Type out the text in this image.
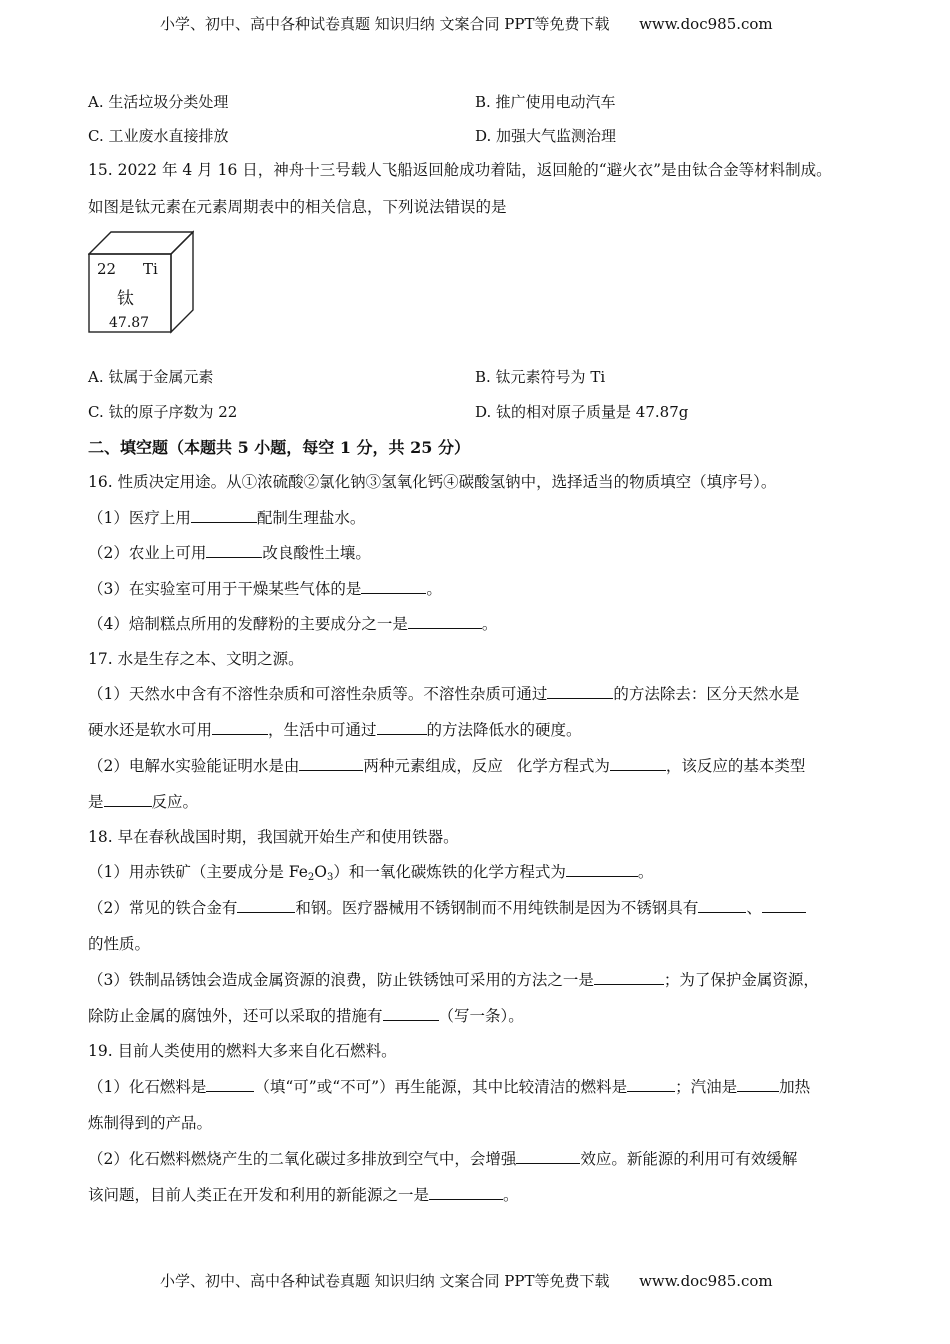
小学、初中、高中各种试卷真题 知识归纳 文案合同 PPT等免费下载 www.doc985.com
A. 生活垃圾分类处理	B. 推广使用电动汽车
C. 工业废水直接排放	D. 加强大气监测治理
15. 2022 年 4 月 16 日，神舟十三号载人飞船返回舱成功着陆，返回舱的“避火衣”是由钛合金等材料制成。
如图是钛元素在元素周期表中的相关信息，下列说法错误的是
22 Ti
钛
47.87
A. 钛属于金属元素	B. 钛元素符号为 Ti
C. 钛的原子序数为 22	D. 钛的相对原子质量是 47.87g
二、填空题（本题共 5 小题，每空 1 分，共 25 分）
16. 性质决定用途。从①浓硫酸②氯化钠③氢氧化钙④碳酸氢钠中，选择适当的物质填空（填序号）。
（1）医疗上用	配制生理盐水。
（2）农业上可用	改良酸性土壤。
（3）在实验室可用于干燥某些气体的是	。
（4）焙制糕点所用的发酵粉的主要成分之一是	。
17. 水是生存之本、文明之源。
（1）天然水中含有不溶性杂质和可溶性杂质等。不溶性杂质可通过	的方法除去：区分天然水是
硬水还是软水可用	，生活中可通过	的方法降低水的硬度。
（2）电解水实验能证明水是由	两种元素组成，反应 化学方程式为	，该反应的基本类型
是	反应。
18. 早在春秋战国时期，我国就开始生产和使用铁器。
（1）用赤铁矿（主要成分是 $Fe_2O_3$）和一氧化碳炼铁的化学方程式为	。
（2）常见的铁合金有	和钢。医疗器械用不锈钢制而不用纯铁制是因为不锈钢具有	、
的性质。
（3）铁制品锈蚀会造成金属资源的浪费，防止铁锈蚀可采用的方法之一是	；为了保护金属资源，
除防止金属的腐蚀外，还可以采取的措施有	（写一条）。
19. 目前人类使用的燃料大多来自化石燃料。
（1）化石燃料是	（填“可”或“不可”）再生能源，其中比较清洁的燃料是	；汽油是	加热
炼制得到的产品。
（2）化石燃料燃烧产生的二氧化碳过多排放到空气中，会增强	效应。新能源的利用可有效缓解
该问题，目前人类正在开发和利用的新能源之一是	。
小学、初中、高中各种试卷真题 知识归纳 文案合同 PPT等免费下载 www.doc985.com
